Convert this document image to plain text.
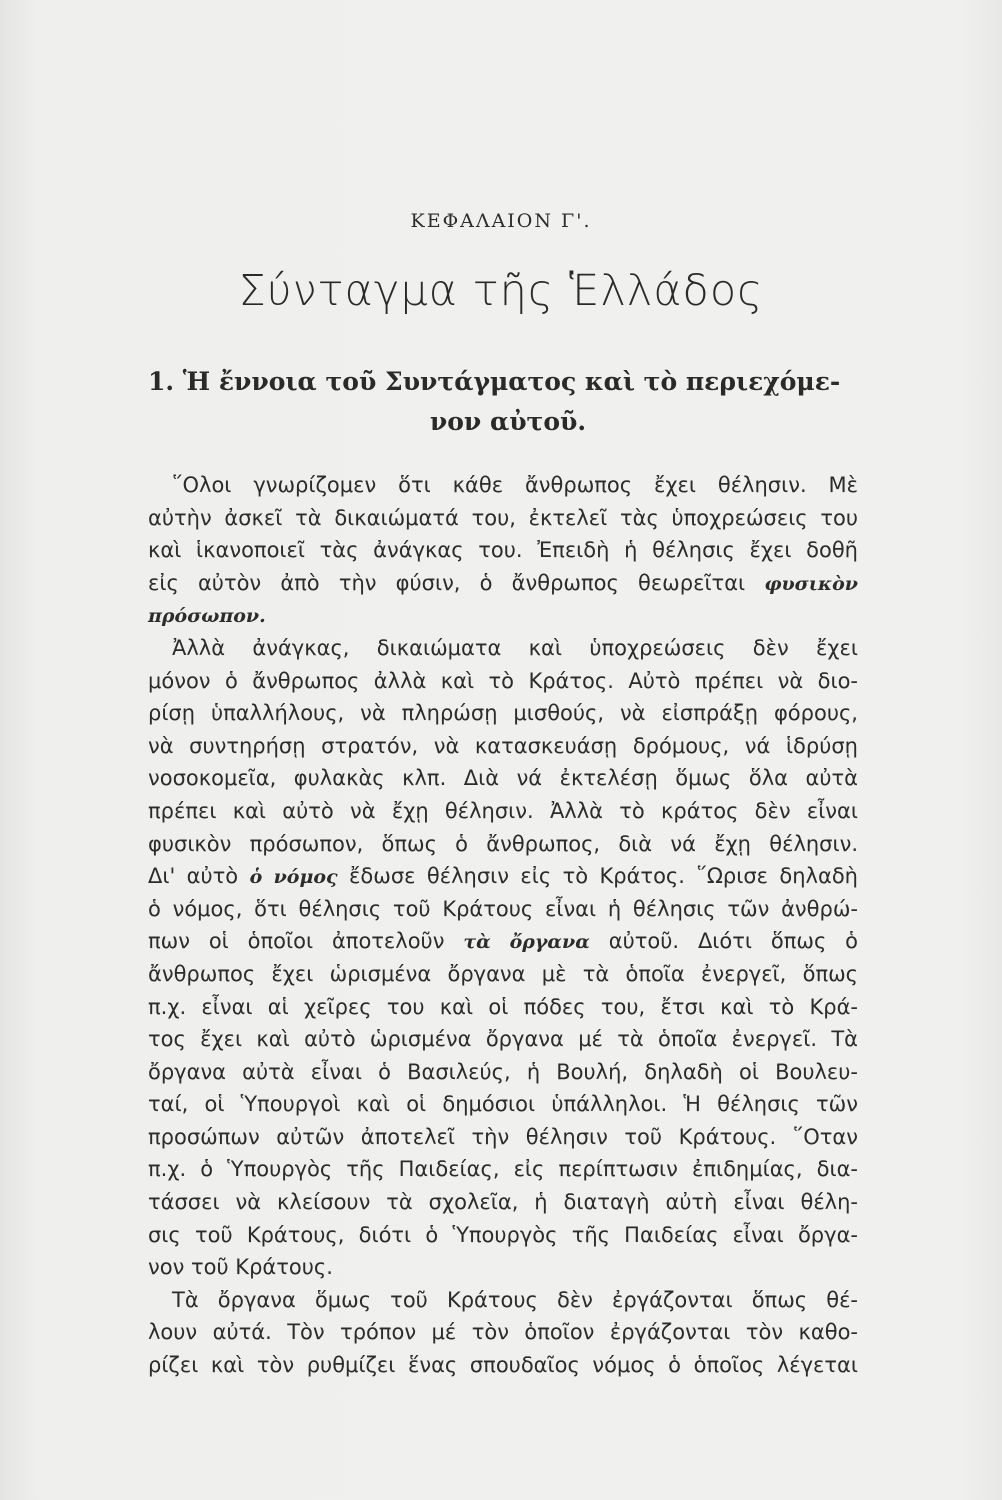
ΚΕΦΑΛΑΙΟΝ Γ'.
Σύνταγμα τῆς Ἑλλάδος
1. Ἡ ἔννοια τοῦ Συντάγματος καὶ τὸ περιεχόμε-
νον αὐτοῦ.
῞Ολοι γνωρίζομεν ὅτι κάθε ἄνθρωπος ἔχει θέλησιν. Μὲ
αὐτὴν ἀσκεῖ τὰ δικαιώματά του, ἐκτελεῖ τὰς ὑποχρεώσεις του
καὶ ἱκανοποιεῖ τὰς ἀνάγκας του. Ἐπειδὴ ἡ θέλησις ἔχει δοθῆ
εἰς αὐτὸν ἀπὸ τὴν φύσιν, ὁ ἄνθρωπος θεωρεῖται φυσικὸν
πρόσωπον.
Ἀλλὰ ἀνάγκας, δικαιώματα καὶ ὑποχρεώσεις δὲν ἔχει
μόνον ὁ ἄνθρωπος ἀλλὰ καὶ τὸ Κράτος. Αὐτὸ πρέπει νὰ διο-
ρίσῃ ὑπαλλήλους, νὰ πληρώσῃ μισθούς, νὰ εἰσπράξῃ φόρους,
νὰ συντηρήσῃ στρατόν, νὰ κατασκευάσῃ δρόμους, νά ἱδρύσῃ
νοσοκομεῖα, φυλακὰς κλπ. Διὰ νά ἐκτελέσῃ ὅμως ὅλα αὐτὰ
πρέπει καὶ αὐτὸ νὰ ἔχῃ θέλησιν. Ἀλλὰ τὸ κράτος δὲν εἶναι
φυσικὸν πρόσωπον, ὅπως ὁ ἄνθρωπος, διὰ νά ἔχῃ θέλησιν.
Δι' αὐτὸ ὁ νόμος ἔδωσε θέλησιν εἰς τὸ Κράτος. ῞Ωρισε δηλαδὴ
ὁ νόμος, ὅτι θέλησις τοῦ Κράτους εἶναι ἡ θέλησις τῶν ἀνθρώ-
πων οἱ ὁποῖοι ἀποτελοῦν τὰ ὄργανα αὐτοῦ. Διότι ὅπως ὁ
ἄνθρωπος ἔχει ὡρισμένα ὄργανα μὲ τὰ ὁποῖα ἐνεργεῖ, ὅπως
π.χ. εἶναι αἱ χεῖρες του καὶ οἱ πόδες του, ἔτσι καὶ τὸ Κρά-
τος ἔχει καὶ αὐτὸ ὡρισμένα ὄργανα μέ τὰ ὁποῖα ἐνεργεῖ. Τὰ
ὄργανα αὐτὰ εἶναι ὁ Βασιλεύς, ἡ Βουλή, δηλαδὴ οἱ Βουλευ-
ταί, οἱ Ὑπουργοὶ καὶ οἱ δημόσιοι ὑπάλληλοι. Ἡ θέλησις τῶν
προσώπων αὐτῶν ἀποτελεῖ τὴν θέλησιν τοῦ Κράτους. ῞Οταν
π.χ. ὁ Ὑπουργὸς τῆς Παιδείας, εἰς περίπτωσιν ἐπιδημίας, δια-
τάσσει νὰ κλείσουν τὰ σχολεῖα, ἡ διαταγὴ αὐτὴ εἶναι θέλη-
σις τοῦ Κράτους, διότι ὁ Ὑπουργὸς τῆς Παιδείας εἶναι ὄργα-
νον τοῦ Κράτους.
Τὰ ὄργανα ὅμως τοῦ Κράτους δὲν ἐργάζονται ὅπως θέ-
λουν αὐτά. Τὸν τρόπον μέ τὸν ὁποῖον ἐργάζονται τὸν καθο-
ρίζει καὶ τὸν ρυθμίζει ἕνας σπουδαῖος νόμος ὁ ὁποῖος λέγεται
